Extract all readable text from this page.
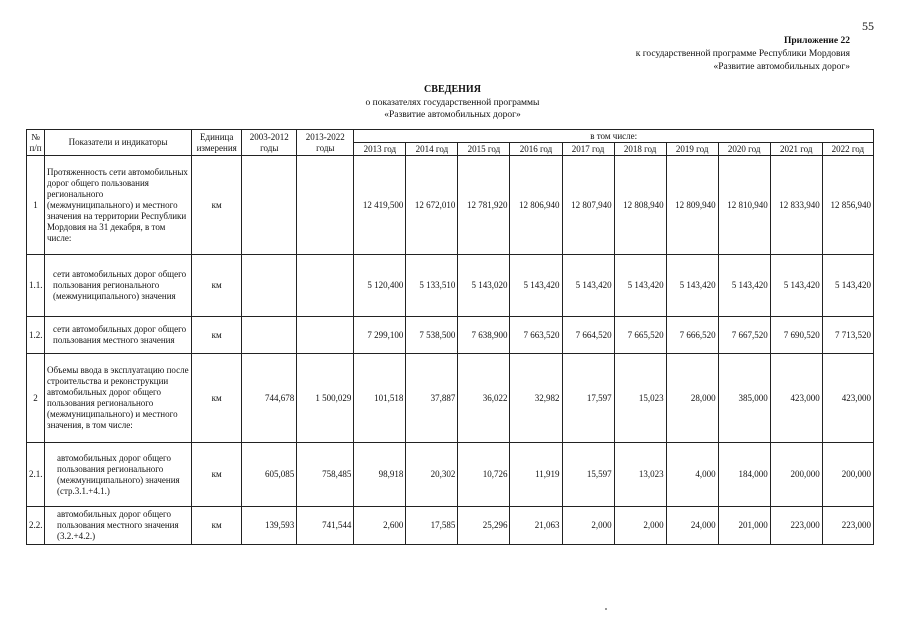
55
Приложение 22
к государственной программе Республики Мордовия
«Развитие автомобильных дорог»
СВЕДЕНИЯ
о показателях государственной программы
«Развитие автомобильных дорог»
№ п/п	Показатели и индикаторы	Единица измерения	2003-2012 годы	2013-2022 годы	в том числе:									
					2013 год	2014 год	2015 год	2016 год	2017 год	2018 год	2019 год	2020 год	2021 год	2022 год
1	Протяженность сети автомобильных дорог общего пользования регионального (межмуниципального) и местного значения на территории Республики Мордовия на 31 декабря, в том числе:	км			12 419,500	12 672,010	12 781,920	12 806,940	12 807,940	12 808,940	12 809,940	12 810,940	12 833,940	12 856,940
1.1.	сети автомобильных дорог общего пользования регионального (межмуниципального) значения	км			5 120,400	5 133,510	5 143,020	5 143,420	5 143,420	5 143,420	5 143,420	5 143,420	5 143,420	5 143,420
1.2.	сети автомобильных дорог общего пользования местного значения	км			7 299,100	7 538,500	7 638,900	7 663,520	7 664,520	7 665,520	7 666,520	7 667,520	7 690,520	7 713,520
2	Объемы ввода в эксплуатацию после строительства и реконструкции автомобильных дорог общего пользования регионального (межмуниципального) и местного значения, в том числе:	км	744,678	1 500,029	101,518	37,887	36,022	32,982	17,597	15,023	28,000	385,000	423,000	423,000
2.1.	автомобильных дорог общего пользования регионального (межмуниципального) значения (стр.3.1.+4.1.)	км	605,085	758,485	98,918	20,302	10,726	11,919	15,597	13,023	4,000	184,000	200,000	200,000
2.2.	автомобильных дорог общего пользования местного значения (3.2.+4.2.)	км	139,593	741,544	2,600	17,585	25,296	21,063	2,000	2,000	24,000	201,000	223,000	223,000
